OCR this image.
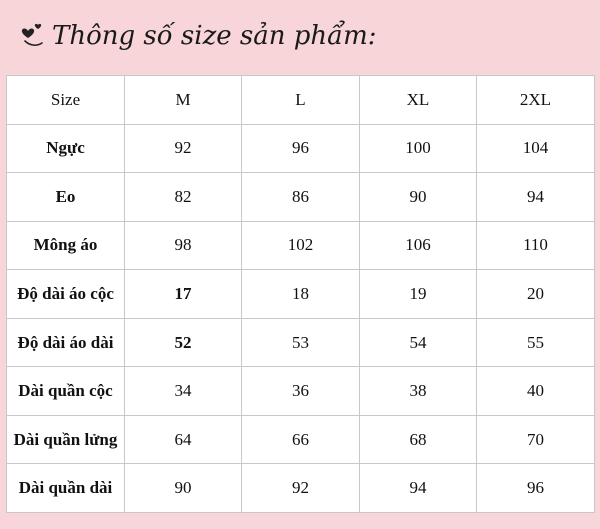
Thông số size sản phẩm:
Size	M	L	XL	2XL
Ngực	92	96	100	104
Eo	82	86	90	94
Mông áo	98	102	106	110
Độ dài áo cộc	17	18	19	20
Độ dài áo dài	52	53	54	55
Dài quần cộc	34	36	38	40
Dài quần lửng	64	66	68	70
Dài quần dài	90	92	94	96
